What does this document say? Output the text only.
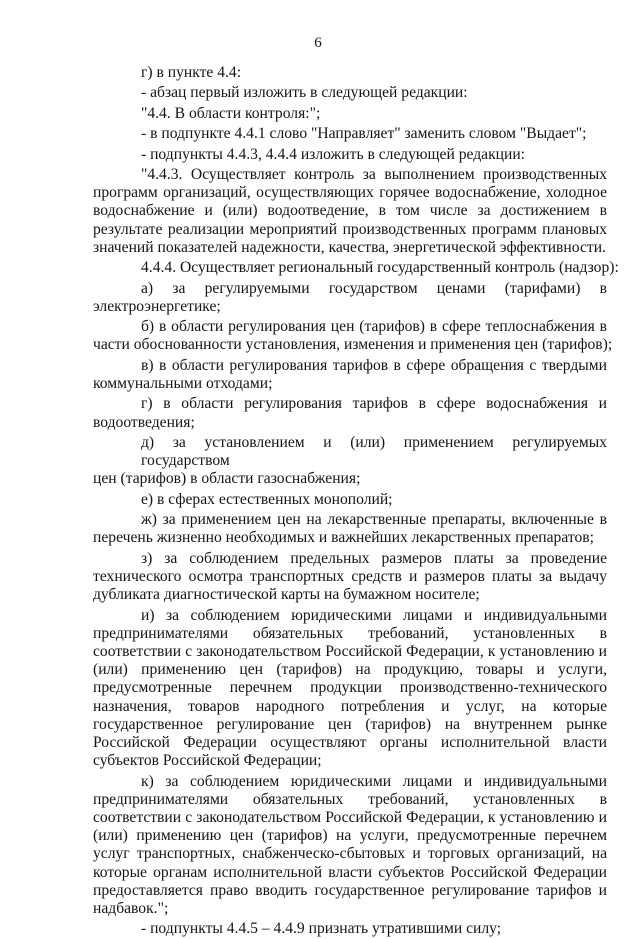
6
г) в пункте 4.4:
- абзац первый изложить в следующей редакции:
"4.4. В области контроля:";
- в подпункте 4.4.1 слово "Направляет" заменить словом "Выдает";
- подпункты 4.4.3, 4.4.4 изложить в следующей редакции:
"4.4.3. Осуществляет контроль за выполнением производственных
программ организаций, осуществляющих горячее водоснабжение, холодное
водоснабжение и (или) водоотведение, в том числе за достижением в
результате реализации мероприятий производственных программ плановых
значений показателей надежности, качества, энергетической эффективности.
4.4.4. Осуществляет региональный государственный контроль (надзор):
а) за регулируемыми государством ценами (тарифами) в
электроэнергетике;
б) в области регулирования цен (тарифов) в сфере теплоснабжения в
части обоснованности установления, изменения и применения цен (тарифов);
в) в области регулирования тарифов в сфере обращения с твердыми
коммунальными отходами;
г) в области регулирования тарифов в сфере водоснабжения и
водоотведения;
д) за установлением и (или) применением регулируемых государством
цен (тарифов) в области газоснабжения;
е) в сферах естественных монополий;
ж) за применением цен на лекарственные препараты, включенные в
перечень жизненно необходимых и важнейших лекарственных препаратов;
з) за соблюдением предельных размеров платы за проведение
технического осмотра транспортных средств и размеров платы за выдачу
дубликата диагностической карты на бумажном носителе;
и) за соблюдением юридическими лицами и индивидуальными
предпринимателями обязательных требований, установленных в
соответствии с законодательством Российской Федерации, к установлению и
(или) применению цен (тарифов) на продукцию, товары и услуги,
предусмотренные перечнем продукции производственно-технического
назначения, товаров народного потребления и услуг, на которые
государственное регулирование цен (тарифов) на внутреннем рынке
Российской Федерации осуществляют органы исполнительной власти
субъектов Российской Федерации;
к) за соблюдением юридическими лицами и индивидуальными
предпринимателями обязательных требований, установленных в
соответствии с законодательством Российской Федерации, к установлению и
(или) применению цен (тарифов) на услуги, предусмотренные перечнем
услуг транспортных, снабженческо-сбытовых и торговых организаций, на
которые органам исполнительной власти субъектов Российской Федерации
предоставляется право вводить государственное регулирование тарифов и
надбавок.";
- подпункты 4.4.5 – 4.4.9 признать утратившими силу;
